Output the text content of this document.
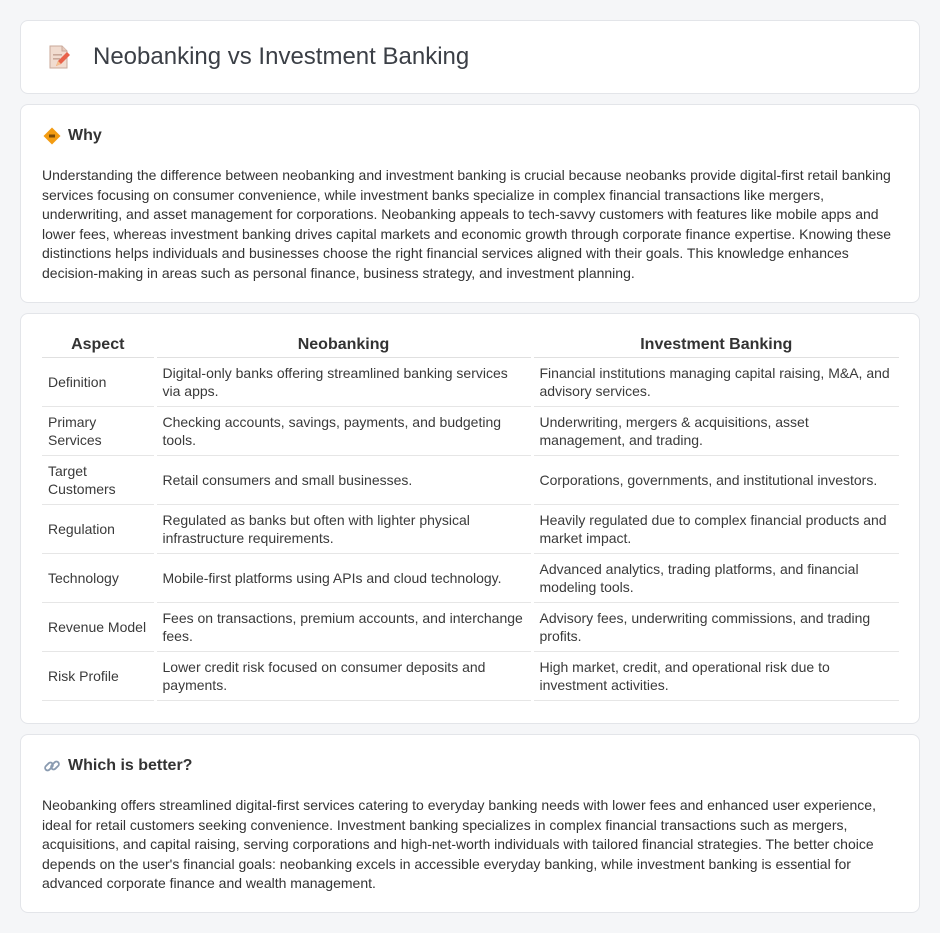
Neobanking vs Investment Banking
Why

Understanding the difference between neobanking and investment banking is crucial because neobanks provide digital-first retail banking services focusing on consumer convenience, while investment banks specialize in complex financial transactions like mergers, underwriting, and asset management for corporations. Neobanking appeals to tech-savvy customers with features like mobile apps and lower fees, whereas investment banking drives capital markets and economic growth through corporate finance expertise. Knowing these distinctions helps individuals and businesses choose the right financial services aligned with their goals. This knowledge enhances decision-making in areas such as personal finance, business strategy, and investment planning.

Aspect	Neobanking	Investment Banking
Definition	Digital-only banks offering streamlined banking services via apps.	Financial institutions managing capital raising, M&A, and advisory services.
Primary Services	Checking accounts, savings, payments, and budgeting tools.	Underwriting, mergers & acquisitions, asset management, and trading.
Target Customers	Retail consumers and small businesses.	Corporations, governments, and institutional investors.
Regulation	Regulated as banks but often with lighter physical infrastructure requirements.	Heavily regulated due to complex financial products and market impact.
Technology	Mobile-first platforms using APIs and cloud technology.	Advanced analytics, trading platforms, and financial modeling tools.
Revenue Model	Fees on transactions, premium accounts, and interchange fees.	Advisory fees, underwriting commissions, and trading profits.
Risk Profile	Lower credit risk focused on consumer deposits and payments.	High market, credit, and operational risk due to investment activities.
Which is better?

Neobanking offers streamlined digital-first services catering to everyday banking needs with lower fees and enhanced user experience, ideal for retail customers seeking convenience. Investment banking specializes in complex financial transactions such as mergers, acquisitions, and capital raising, serving corporations and high-net-worth individuals with tailored financial strategies. The better choice depends on the user's financial goals: neobanking excels in accessible everyday banking, while investment banking is essential for advanced corporate finance and wealth management.
